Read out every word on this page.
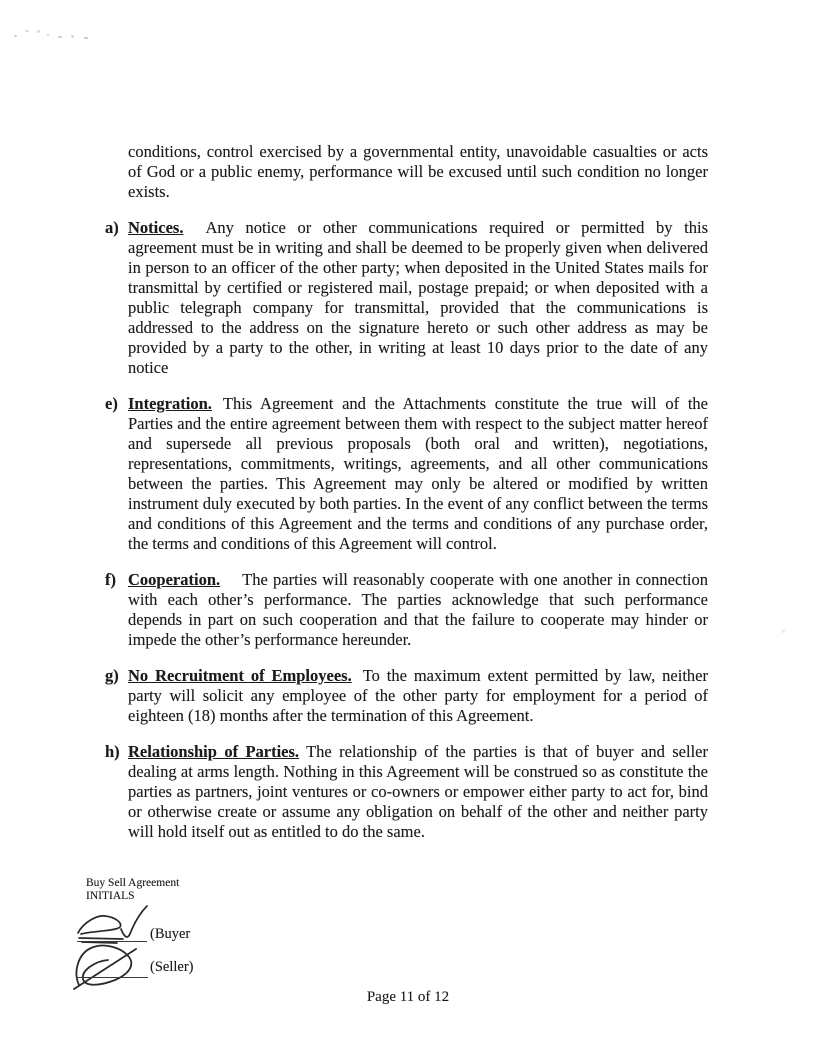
conditions, control exercised by a governmental entity, unavoidable casualties or acts of God or a public enemy, performance will be excused until such condition no longer exists.

a) Notices. Any notice or other communications required or permitted by this agreement must be in writing and shall be deemed to be properly given when delivered in person to an officer of the other party; when deposited in the United States mails for transmittal by certified or registered mail, postage prepaid; or when deposited with a public telegraph company for transmittal, provided that the communications is addressed to the address on the signature hereto or such other address as may be provided by a party to the other, in writing at least 10 days prior to the date of any notice

e) Integration. This Agreement and the Attachments constitute the true will of the Parties and the entire agreement between them with respect to the subject matter hereof and supersede all previous proposals (both oral and written), negotiations, representations, commitments, writings, agreements, and all other communications between the parties. This Agreement may only be altered or modified by written instrument duly executed by both parties. In the event of any conflict between the terms and conditions of this Agreement and the terms and conditions of any purchase order, the terms and conditions of this Agreement will control.

f) Cooperation. The parties will reasonably cooperate with one another in connection with each other’s performance. The parties acknowledge that such performance depends in part on such cooperation and that the failure to cooperate may hinder or impede the other’s performance hereunder.

g) No Recruitment of Employees. To the maximum extent permitted by law, neither party will solicit any employee of the other party for employment for a period of eighteen (18) months after the termination of this Agreement.

h) Relationship of Parties. The relationship of the parties is that of buyer and seller dealing at arms length. Nothing in this Agreement will be construed so as constitute the parties as partners, joint ventures or co-owners or empower either party to act for, bind or otherwise create or assume any obligation on behalf of the other and neither party will hold itself out as entitled to do the same.

Buy Sell Agreement
INITIALS
(Buyer
(Seller)
Page 11 of 12
